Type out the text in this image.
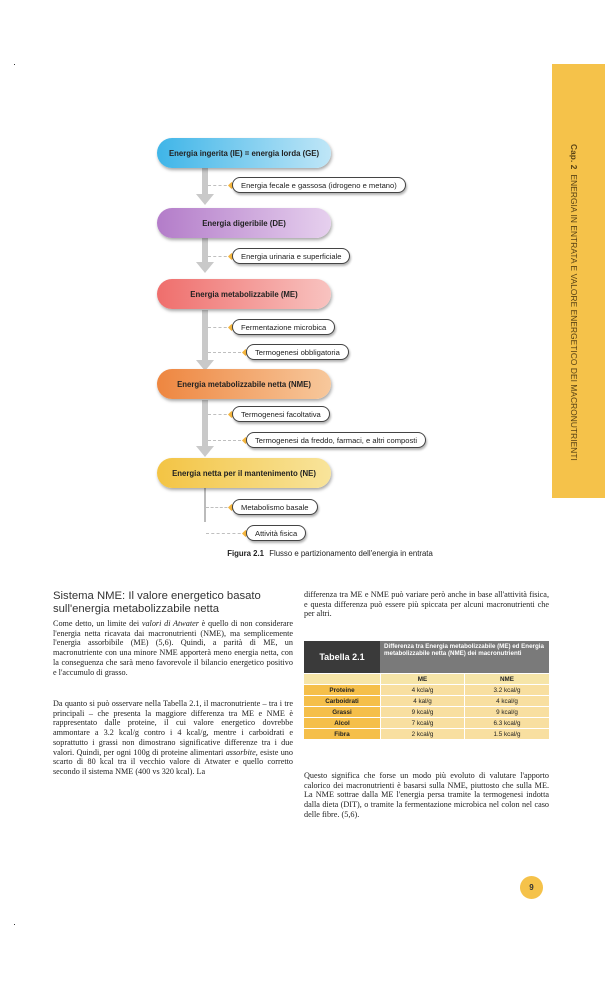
Cap. 2ENERGIA IN ENTRATA E VALORE ENERGETICO DEI MACRONUTRIENTI
Energia ingerita (IE) = energia lorda (GE)
Energia digeribile (DE)
Energia metabolizzabile (ME)
Energia metabolizzabile netta (NME)
Energia netta per il mantenimento (NE)
Energia fecale e gassosa (idrogeno e metano)
Energia urinaria e superficiale
Fermentazione microbica
Termogenesi obbligatoria
Termogenesi facoltativa
Termogenesi da freddo, farmaci, e altri composti
Metabolismo basale
Attività fisica
Figura 2.1 Flusso e partizionamento dell'energia in entrata
Sistema NME: Il valore energetico basato sull'energia metabolizzabile netta
Come detto, un limite dei valori di Atwater è quello di non considerare l'energia netta ricavata dai macronutrienti (NME), ma semplicemente l'energia assorbibile (ME) (5,6). Quindi, a parità di ME, un macronutriente con una minore NME apporterà meno energia netta, con la conseguenza che sarà meno favorevole il bilancio energetico positivo e l'accumulo di grasso.
Da quanto si può osservare nella Tabella 2.1, il macronutriente – tra i tre principali – che presenta la maggiore differenza tra ME e NME è rappresentato dalle proteine, il cui valore energetico dovrebbe ammontare a 3.2 kcal/g contro i 4 kcal/g, mentre i carboidrati e soprattutto i grassi non dimostrano significative differenze tra i due valori. Quindi, per ogni 100g di proteine alimentari assorbite, esiste uno scarto di 80 kcal tra il vecchio valore di Atwater e quello corretto secondo il sistema NME (400 vs 320 kcal). La
differenza tra ME e NME può variare però anche in base all'attività fisica, e questa differenza può essere più spiccata per alcuni macronutrienti che per altri.
Tabella 2.1
Differenza tra Energia metabolizzabile (ME) ed Energia metabolizzabile netta (NME) dei macronutrienti
ME	NME
Proteine	4 kcla/g	3.2 kcal/g
Carboidrati	4 kal/g	4 kcal/g
Grassi	9 kcal/g	9 kcal/g
Alcol	7 kcal/g	6.3 kcal/g
Fibra	2 kcal/g	1.5 kcal/g
Questo significa che forse un modo più evoluto di valutare l'apporto calorico dei macronutrienti è basarsi sulla NME, piuttosto che sulla ME. La NME sottrae dalla ME l'energia persa tramite la termogenesi indotta dalla dieta (DIT), o tramite la fermentazione microbica nel colon nel caso delle fibre. (5,6).
9
